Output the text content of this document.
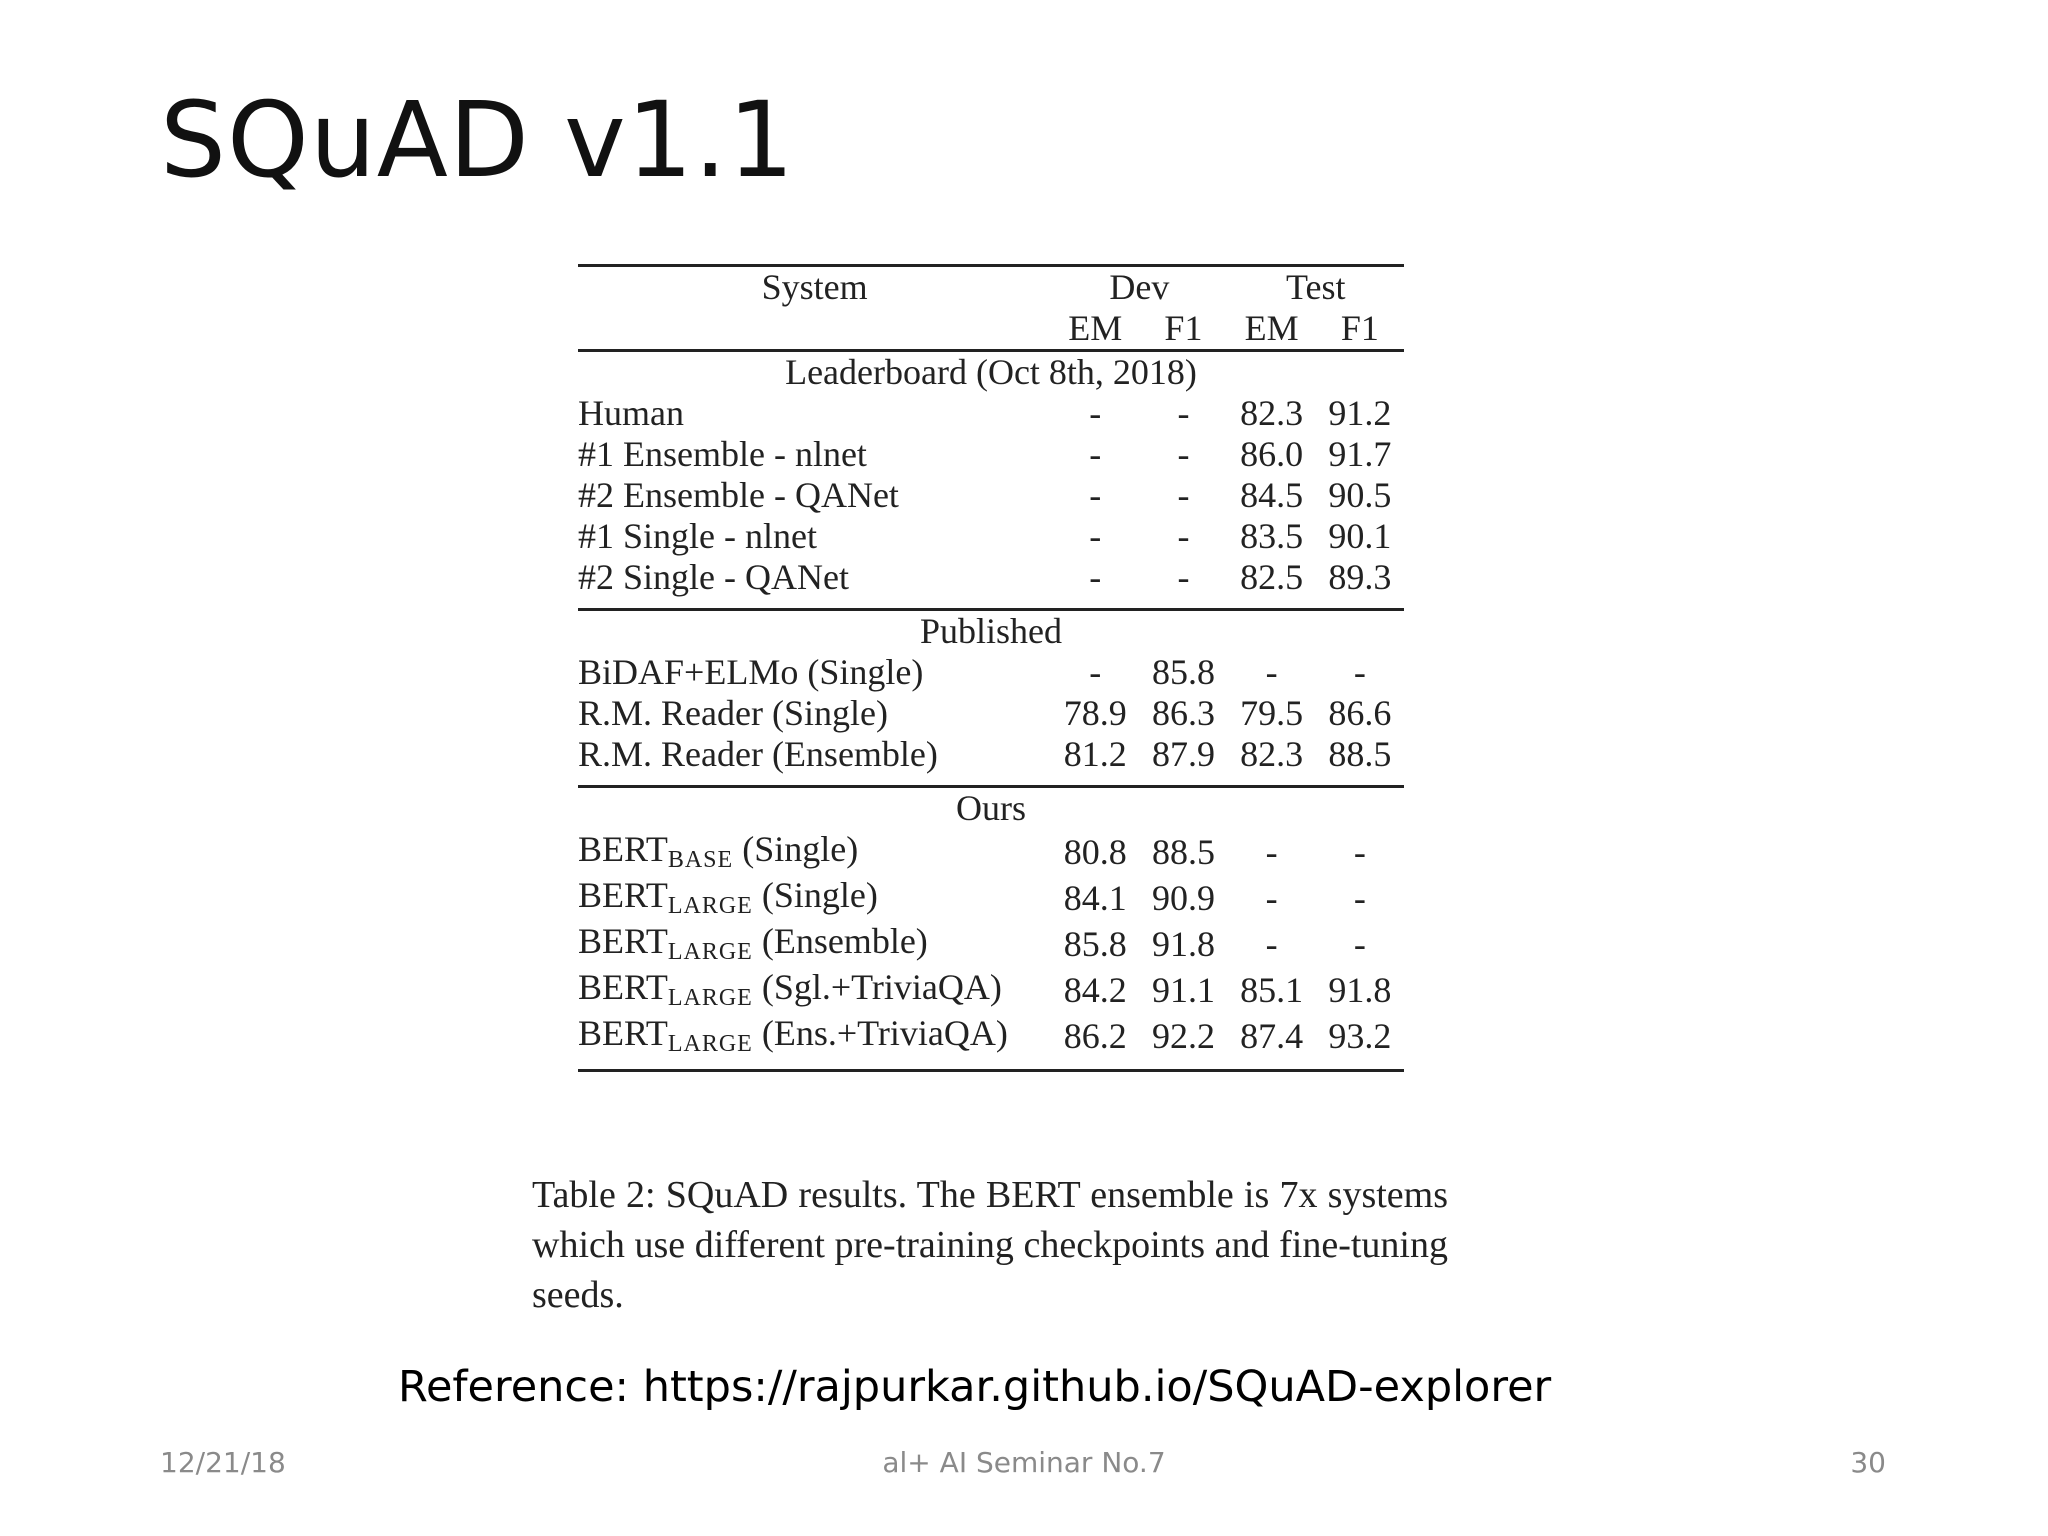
SQuAD v1.1
System	Dev		Test	
	EM	F1	EM	F1
Leaderboard (Oct 8th, 2018)				
Human	-	-	82.3	91.2
#1 Ensemble - nlnet	-	-	86.0	91.7
#2 Ensemble - QANet	-	-	84.5	90.5
#1 Single - nlnet	-	-	83.5	90.1
#2 Single - QANet	-	-	82.5	89.3
Published				
BiDAF+ELMo (Single)	-	85.8	-	-
R.M. Reader (Single)	78.9	86.3	79.5	86.6
R.M. Reader (Ensemble)	81.2	87.9	82.3	88.5
Ours				
BERTBASE (Single)	80.8	88.5	-	-
BERTLARGE (Single)	84.1	90.9	-	-
BERTLARGE (Ensemble)	85.8	91.8	-	-
BERTLARGE (Sgl.+TriviaQA)	84.2	91.1	85.1	91.8
BERTLARGE (Ens.+TriviaQA)	86.2	92.2	87.4	93.2

Table 2: SQuAD results. The BERT ensemble is 7x systems which use different pre-training checkpoints and fine-tuning seeds.

Reference: https://rajpurkar.github.io/SQuAD-explorer

12/21/18	al+ AI Seminar No.7	30
